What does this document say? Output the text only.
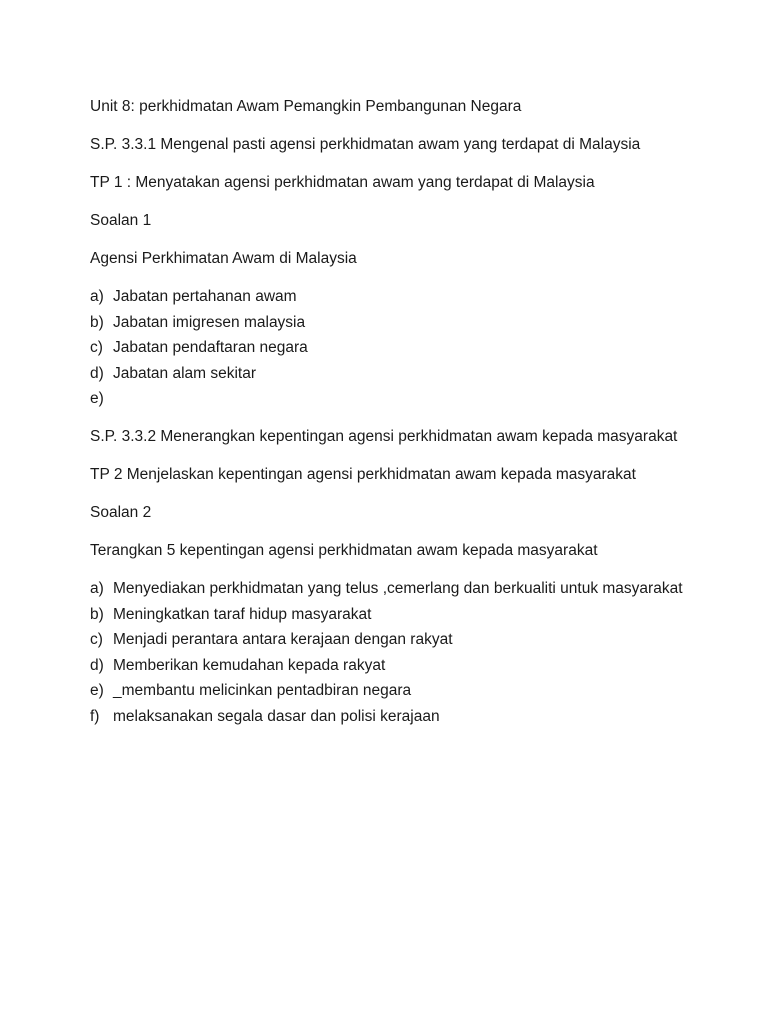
Unit 8: perkhidmatan Awam Pemangkin Pembangunan Negara

S.P. 3.3.1 Mengenal pasti agensi perkhidmatan awam yang terdapat di Malaysia

TP 1 : Menyatakan agensi perkhidmatan awam yang terdapat di Malaysia

Soalan 1

Agensi Perkhimatan Awam di Malaysia

a) Jabatan pertahanan awam
b) Jabatan imigresen malaysia
c) Jabatan pendaftaran negara
d) Jabatan alam sekitar
e)

S.P. 3.3.2 Menerangkan kepentingan agensi perkhidmatan awam kepada masyarakat

TP 2 Menjelaskan kepentingan agensi perkhidmatan awam kepada masyarakat

Soalan 2

Terangkan 5 kepentingan agensi perkhidmatan awam kepada masyarakat

a) Menyediakan perkhidmatan yang telus ,cemerlang dan berkualiti untuk masyarakat
b) Meningkatkan taraf hidup masyarakat
c) Menjadi perantara antara kerajaan dengan rakyat
d) Memberikan kemudahan kepada rakyat
e) _membantu melicinkan pentadbiran negara
f) melaksanakan segala dasar dan polisi kerajaan
